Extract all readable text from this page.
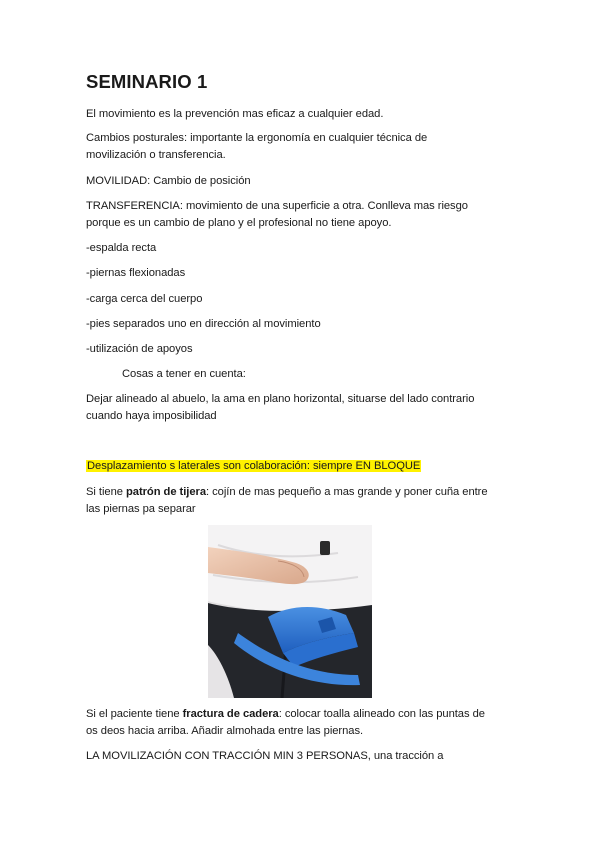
SEMINARIO 1
El movimiento es la prevención mas eficaz a cualquier edad.
Cambios posturales: importante la ergonomía en cualquier técnica de
movilización o transferencia.
MOVILIDAD: Cambio de posición
TRANSFERENCIA: movimiento de una superficie a otra. Conlleva mas riesgo
porque es un cambio de plano y el profesional no tiene apoyo.
-espalda recta
-piernas flexionadas
-carga cerca del cuerpo
-pies separados uno en dirección al movimiento
-utilización de apoyos
Cosas a tener en cuenta:
Dejar alineado al abuelo, la ama en plano horizontal, situarse del lado contrario
cuando haya imposibilidad
Desplazamiento s laterales son colaboración: siempre EN BLOQUE
Si tiene patrón de tijera: cojín de mas pequeño a mas grande y poner cuña entre
las piernas pa separar
Si el paciente tiene fractura de cadera: colocar toalla alineado con las puntas de
os deos hacia arriba. Añadir almohada entre las piernas.
LA MOVILIZACIÓN CON TRACCIÓN MIN 3 PERSONAS, una tracción a
